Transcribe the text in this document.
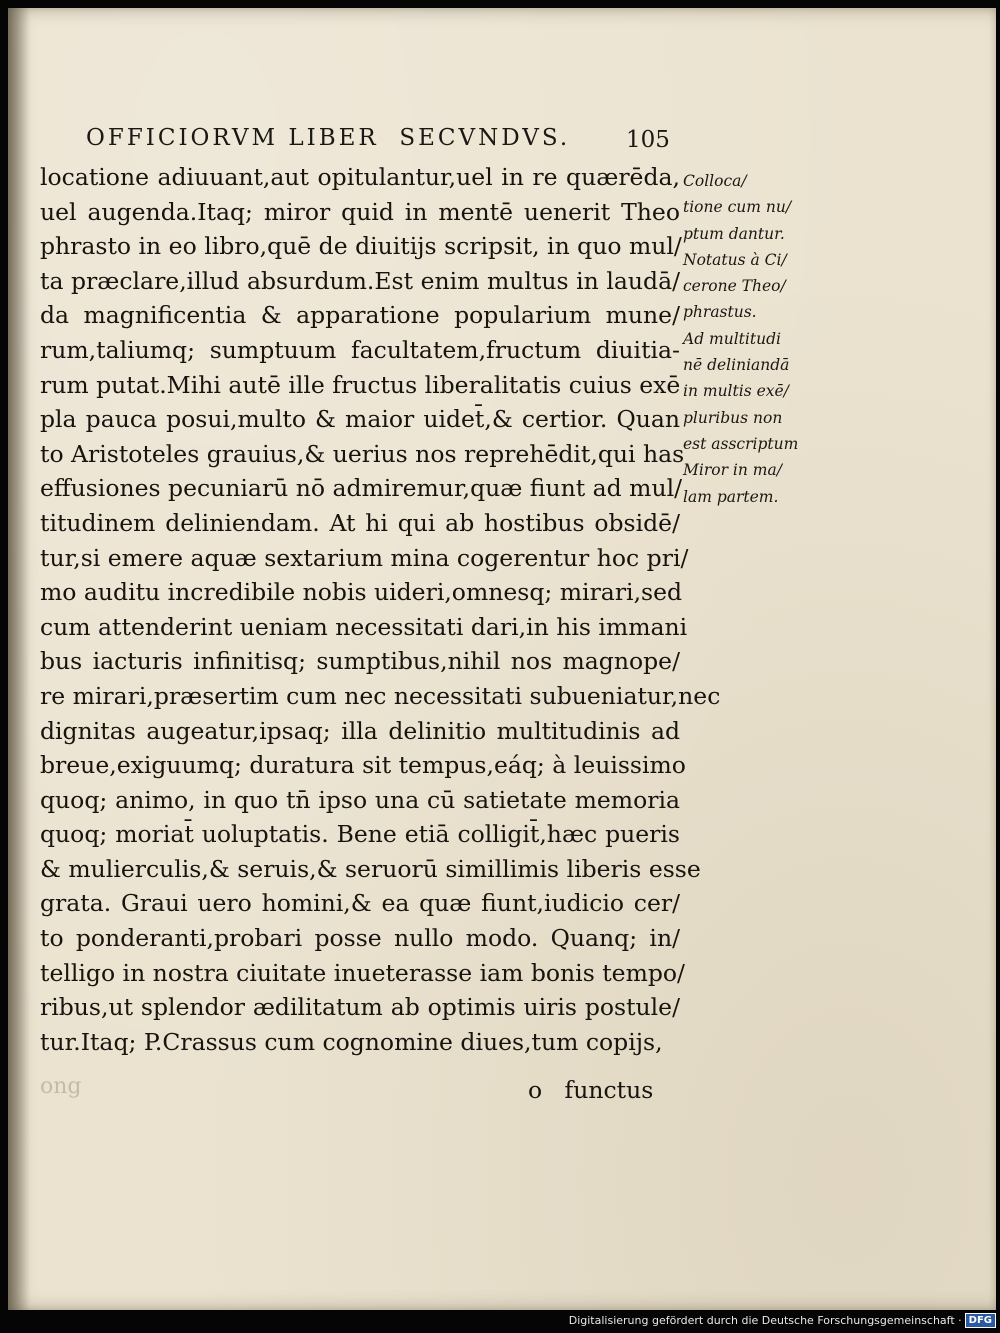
OFFICIORVM LIBER  SECVNDVS. 105
locatione adiuuant,aut opitulantur,uel in re quærēda,
uel augenda.Itaq; miror quid in mentē uenerit Theo
phrasto in eo libro,quē de diuitijs scripsit, in quo mul/
ta præclare,illud absurdum.Est enim multus in laudā/
da magnificentia & apparatione popularium mune/
rum,taliumq; sumptuum facultatem,fructum diuitia-
rum putat.Mihi autē ille fructus liberalitatis cuius exē
pla pauca posui,multo & maior uidet̄,& certior. Quan
to Aristoteles grauius,& uerius nos reprehēdit,qui has
effusiones pecuniarū nō admiremur,quæ fiunt ad mul/
titudinem deliniendam. At hi qui ab hostibus obsidē/
tur,si emere aquæ sextarium mina cogerentur hoc pri/
mo auditu incredibile nobis uideri,omnesq; mirari,sed
cum attenderint ueniam necessitati dari,in his immani
bus iacturis infinitisq; sumptibus,nihil nos magnope/
re mirari,præsertim cum nec necessitati subueniatur,nec
dignitas augeatur,ipsaq; illa delinitio multitudinis ad
breue,exiguumq; duratura sit tempus,eáq; à leuissimo
quoq; animo, in quo tn̄ ipso una cū satietate memoria
quoq; moriat̄ uoluptatis. Bene etiā colligit̄,hæc pueris
& mulierculis,& seruis,& seruorū simillimis liberis esse
grata. Graui uero homini,& ea quæ fiunt,iudicio cer/
to ponderanti,probari posse nullo modo. Quanq; in/
telligo in nostra ciuitate inueterasse iam bonis tempo/
ribus,ut splendor ædilitatum ab optimis uiris postule/
tur.Itaq; P.Crassus cum cognomine diues,tum copijs,
Colloca/
tione cum nu/
ptum dantur.
Notatus à Ci/
cerone Theo/
phrastus.
Ad multitudi
nē deliniandā
in multis exē/
pluribus non
est asscriptum
Miror in ma/
lam partem.
ong	o   functus
Digitalisierung gefördert durch die Deutsche Forschungsgemeinschaft · DFG
